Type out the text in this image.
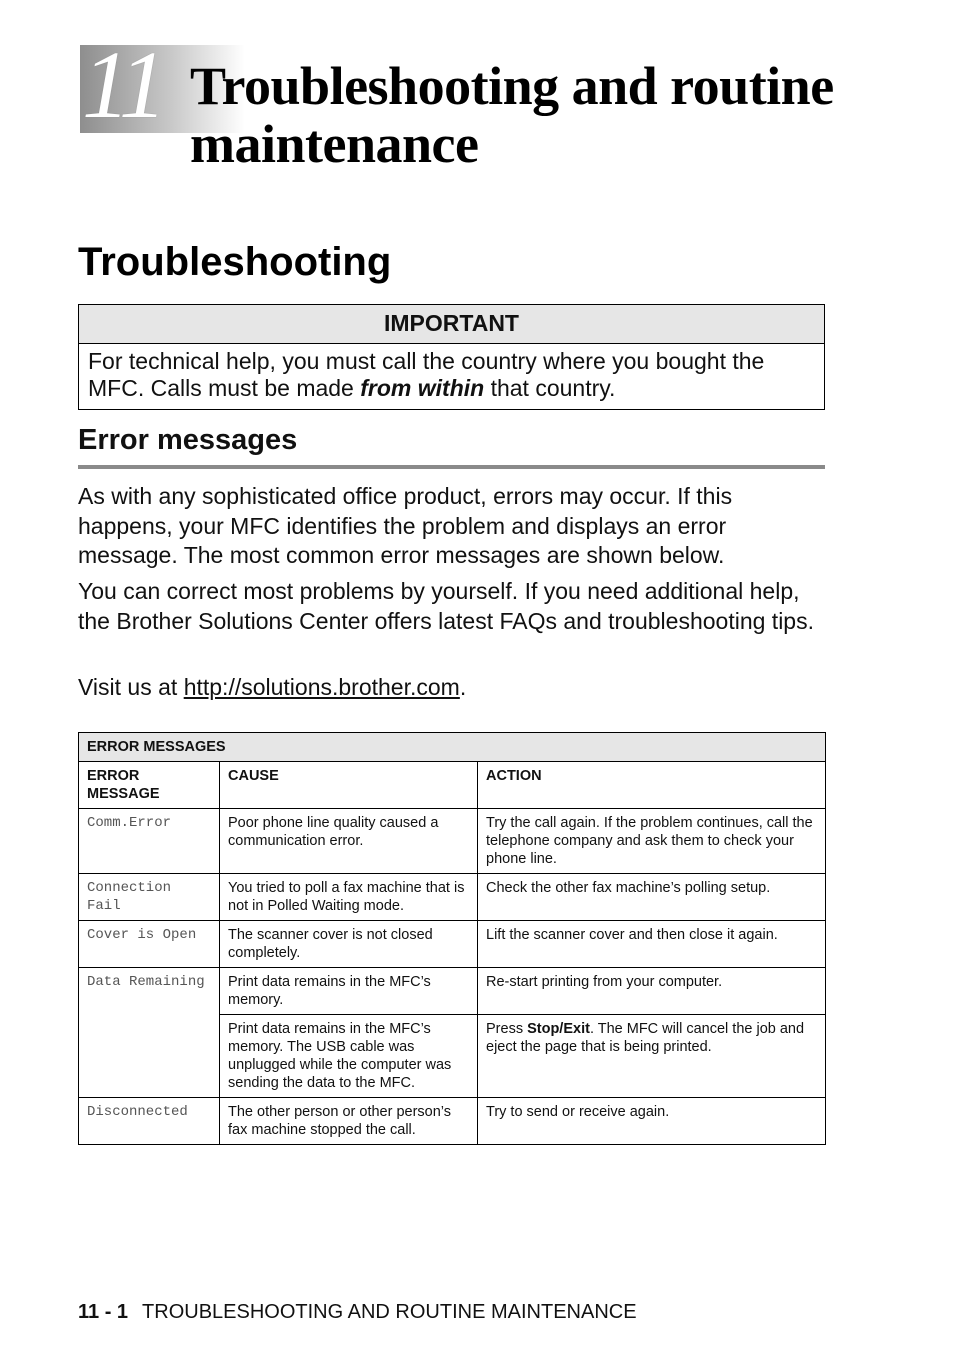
11 Troubleshooting and routine maintenance
Troubleshooting
IMPORTANT
For technical help, you must call the country where you bought the MFC. Calls must be made from within that country.
Error messages

As with any sophisticated office product, errors may occur. If this happens, your MFC identifies the problem and displays an error message. The most common error messages are shown below.

You can correct most problems by yourself. If you need additional help, the Brother Solutions Center offers latest FAQs and troubleshooting tips.

Visit us at http://solutions.brother.com.

ERROR MESSAGES		
ERROR MESSAGE	CAUSE	ACTION
Comm.Error	Poor phone line quality caused a communication error.	Try the call again. If the problem continues, call the telephone company and ask them to check your phone line.
Connection Fail	You tried to poll a fax machine that is not in Polled Waiting mode.	Check the other fax machine’s polling setup.
Cover is Open	The scanner cover is not closed completely.	Lift the scanner cover and then close it again.
Data Remaining	Print data remains in the MFC’s memory.	Re-start printing from your computer.
	Print data remains in the MFC’s memory. The USB cable was unplugged while the computer was sending the data to the MFC.	Press Stop/Exit. The MFC will cancel the job and eject the page that is being printed.
Disconnected	The other person or other person’s fax machine stopped the call.	Try to send or receive again.
11 - 1 TROUBLESHOOTING AND ROUTINE MAINTENANCE
